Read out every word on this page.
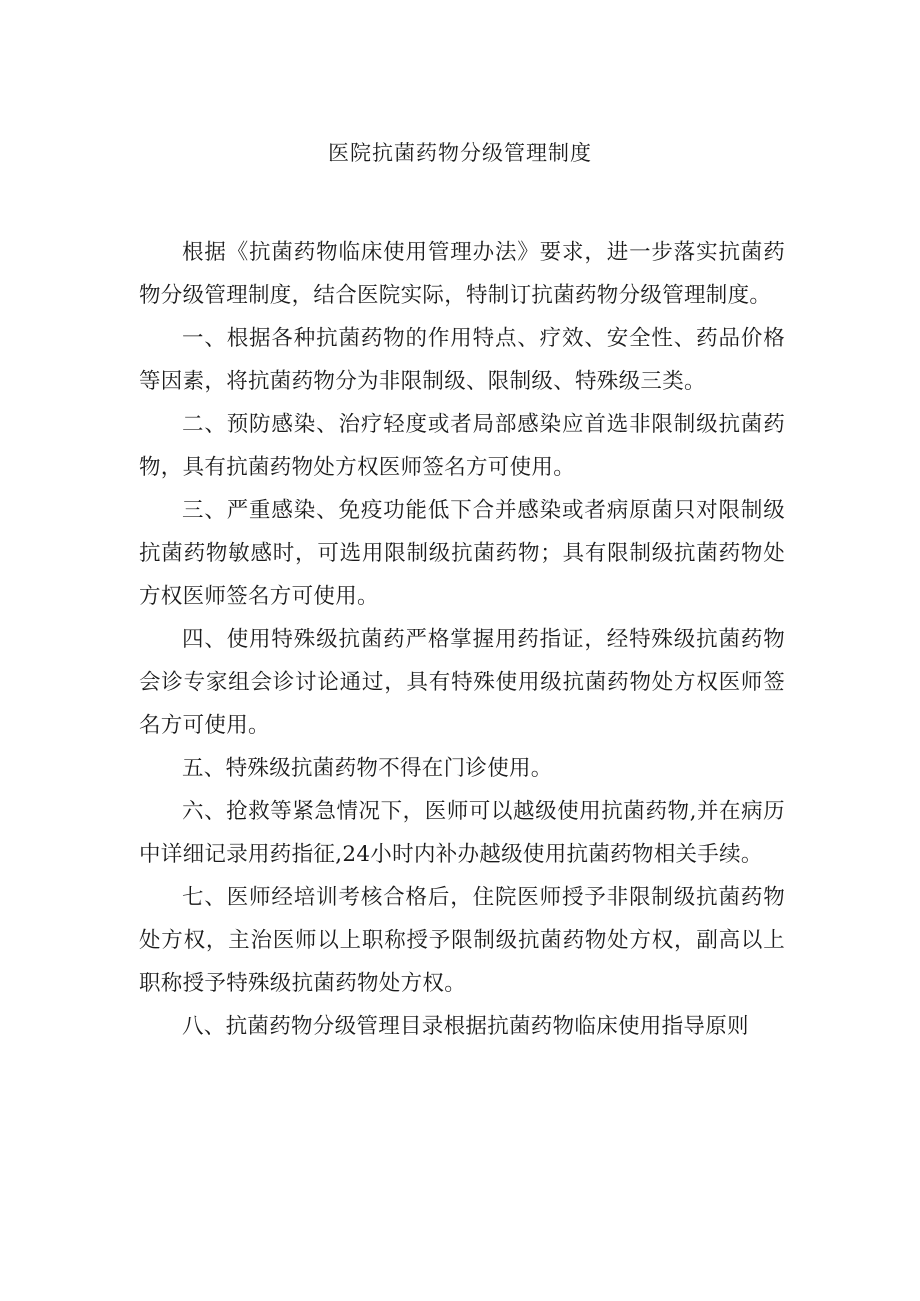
医院抗菌药物分级管理制度

根据《抗菌药物临床使用管理办法》要求，进一步落实抗菌药物分级管理制度，结合医院实际，特制订抗菌药物分级管理制度。

一、根据各种抗菌药物的作用特点、疗效、安全性、药品价格等因素，将抗菌药物分为非限制级、限制级、特殊级三类。

二、预防感染、治疗轻度或者局部感染应首选非限制级抗菌药物，具有抗菌药物处方权医师签名方可使用。

三、严重感染、免疫功能低下合并感染或者病原菌只对限制级抗菌药物敏感时，可选用限制级抗菌药物；具有限制级抗菌药物处方权医师签名方可使用。

四、使用特殊级抗菌药严格掌握用药指证，经特殊级抗菌药物会诊专家组会诊讨论通过，具有特殊使用级抗菌药物处方权医师签名方可使用。

五、特殊级抗菌药物不得在门诊使用。

六、抢救等紧急情况下，医师可以越级使用抗菌药物,并在病历中详细记录用药指征,24小时内补办越级使用抗菌药物相关手续。

七、医师经培训考核合格后，住院医师授予非限制级抗菌药物处方权，主治医师以上职称授予限制级抗菌药物处方权，副高以上职称授予特殊级抗菌药物处方权。

八、抗菌药物分级管理目录根据抗菌药物临床使用指导原则
